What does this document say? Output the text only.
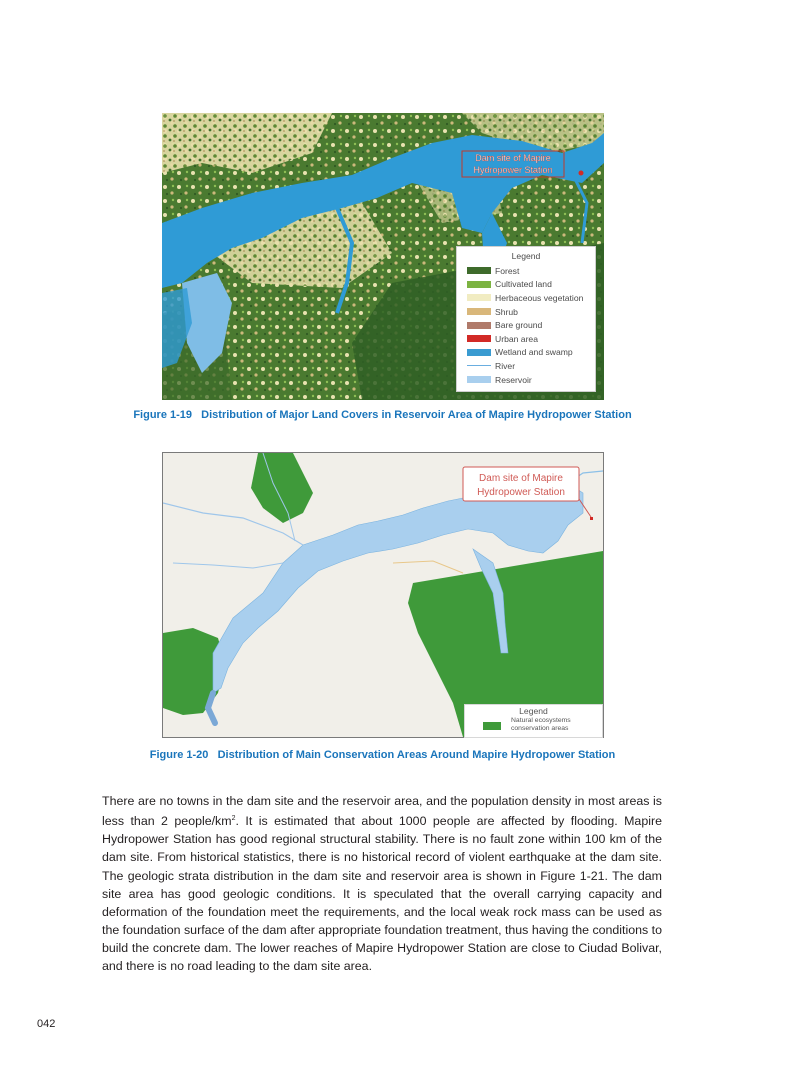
Dam site of Mapire
Hydropower Station
Legend
Forest
Cultivated land
Herbaceous vegetation
Shrub
Bare ground
Urban area
Wetland and swamp
River
Reservoir
Figure 1-19   Distribution of Major Land Covers in Reservoir Area of Mapire Hydropower Station
Dam site of Mapire
Hydropower Station
Legend
Natural ecosystems
conservation areas
Figure 1-20   Distribution of Main Conservation Areas Around Mapire Hydropower Station
There are no towns in the dam site and the reservoir area, and the population density in most areas is less than 2 people/$km^2$. It is estimated that about 1000 people are affected by flooding. Mapire Hydropower Station has good regional structural stability. There is no fault zone within 100 km of the dam site. From historical statistics, there is no historical record of violent earthquake at the dam site. The geologic strata distribution in the dam site and reservoir area is shown in Figure 1-21. The dam site area has good geologic conditions. It is speculated that the overall carrying capacity and deformation of the foundation meet the requirements, and the local weak rock mass can be used as the foundation surface of the dam after appropriate foundation treatment, thus having the conditions to build the concrete dam. The lower reaches of Mapire Hydropower Station are close to Ciudad Bolivar, and there is no road leading to the dam site area.
042
